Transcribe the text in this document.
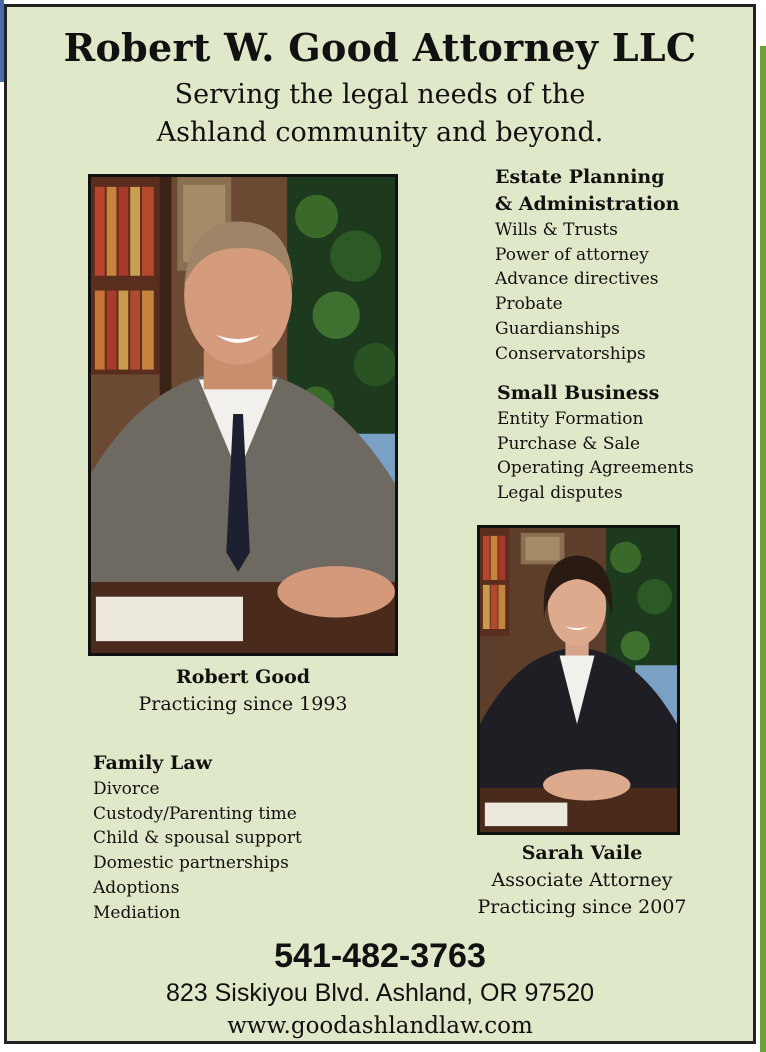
Robert W. Good Attorney LLC
Serving the legal needs of the
Ashland community and beyond.
Robert Good
Practicing since 1993
Estate Planning
& Administration
Wills & Trusts
Power of attorney
Advance directives
Probate
Guardianships
Conservatorships
Small Business
Entity Formation
Purchase & Sale
Operating Agreements
Legal disputes
Sarah Vaile
Associate Attorney
Practicing since 2007
Family Law
Divorce
Custody/Parenting time
Child & spousal support
Domestic partnerships
Adoptions
Mediation
541-482-3763
823 Siskiyou Blvd. Ashland, OR 97520
www.goodashlandlaw.com
